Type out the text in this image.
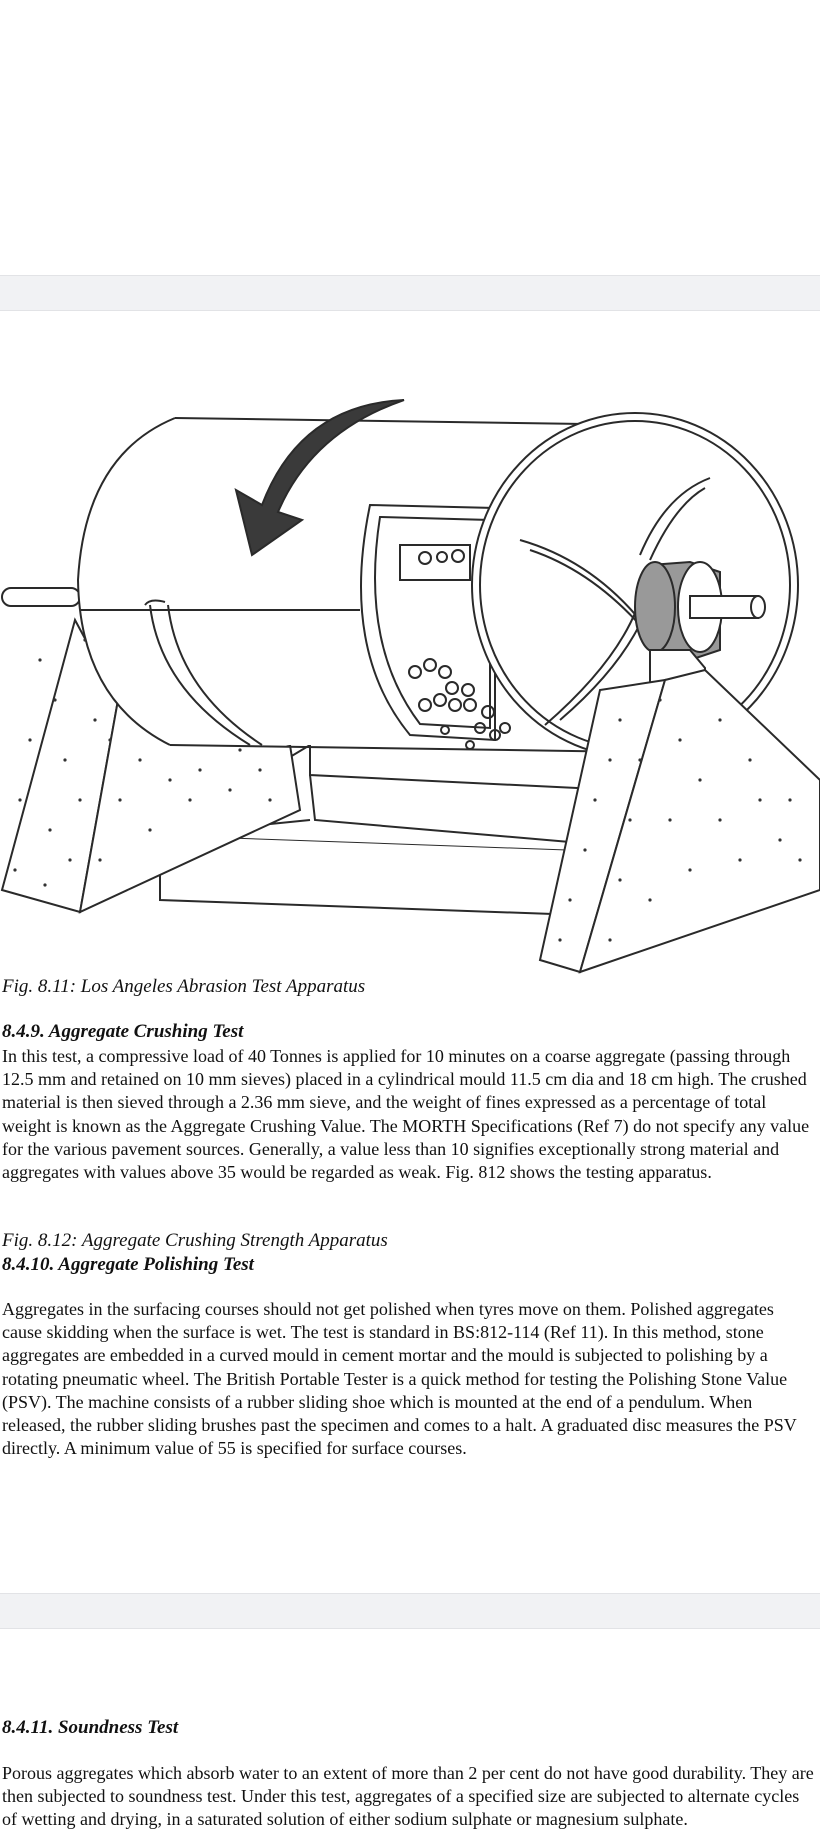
Fig. 8.11: Los Angeles Abrasion Test Apparatus
8.4.9. Aggregate Crushing Test
In this test, a compressive load of 40 Tonnes is applied for 10 minutes on a coarse aggregate (passing through 12.5 mm and retained on 10 mm sieves) placed in a cylindrical mould 11.5 cm dia and 18 cm high. The crushed material is then sieved through a 2.36 mm sieve, and the weight of fines expressed as a percentage of total weight is known as the Aggregate Crushing Value. The MORTH Specifications (Ref 7) do not specify any value for the various pavement sources. Generally, a value less than 10 signifies exceptionally strong material and aggregates with values above 35 would be regarded as weak. Fig. 812 shows the testing apparatus.
Fig. 8.12: Aggregate Crushing Strength Apparatus
8.4.10. Aggregate Polishing Test
Aggregates in the surfacing courses should not get polished when tyres move on them. Polished aggregates cause skidding when the surface is wet. The test is standard in BS:812-114 (Ref 11). In this method, stone aggregates are embedded in a curved mould in cement mortar and the mould is subjected to polishing by a rotating pneumatic wheel. The British Portable Tester is a quick method for testing the Polishing Stone Value (PSV). The machine consists of a rubber sliding shoe which is mounted at the end of a pendulum. When released, the rubber sliding brushes past the specimen and comes to a halt. A graduated disc measures the PSV directly. A minimum value of 55 is specified for surface courses.
8.4.11. Soundness Test
Porous aggregates which absorb water to an extent of more than 2 per cent do not have good durability. They are then subjected to soundness test. Under this test, aggregates of a specified size are subjected to alternate cycles of wetting and drying, in a saturated solution of either sodium sulphate or magnesium sulphate.
